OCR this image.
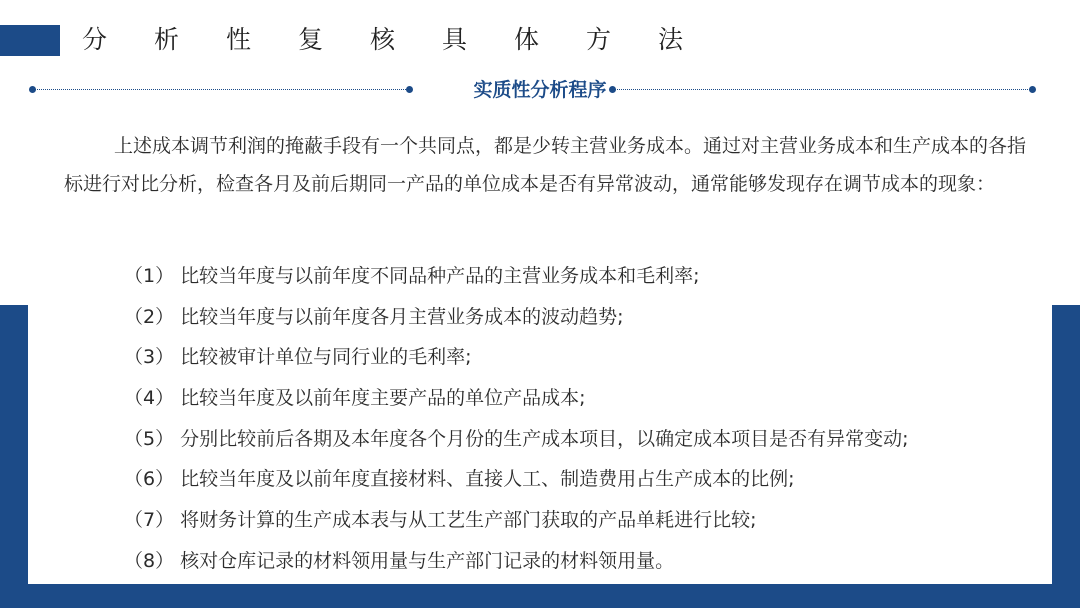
分析性复核具体方法
实质性分析程序

上述成本调节利润的掩蔽手段有一个共同点，都是少转主营业务成本。通过对主营业务成本和生产成本的各指标进行对比分析，检查各月及前后期同一产品的单位成本是否有异常波动，通常能够发现存在调节成本的现象：

（1） 比较当年度与以前年度不同品种产品的主营业务成本和毛利率;
（2） 比较当年度与以前年度各月主营业务成本的波动趋势;
（3） 比较被审计单位与同行业的毛利率;
（4） 比较当年度及以前年度主要产品的单位产品成本;
（5） 分别比较前后各期及本年度各个月份的生产成本项目，以确定成本项目是否有异常变动;
（6） 比较当年度及以前年度直接材料、直接人工、制造费用占生产成本的比例;
（7） 将财务计算的生产成本表与从工艺生产部门获取的产品单耗进行比较;
（8） 核对仓库记录的材料领用量与生产部门记录的材料领用量。
